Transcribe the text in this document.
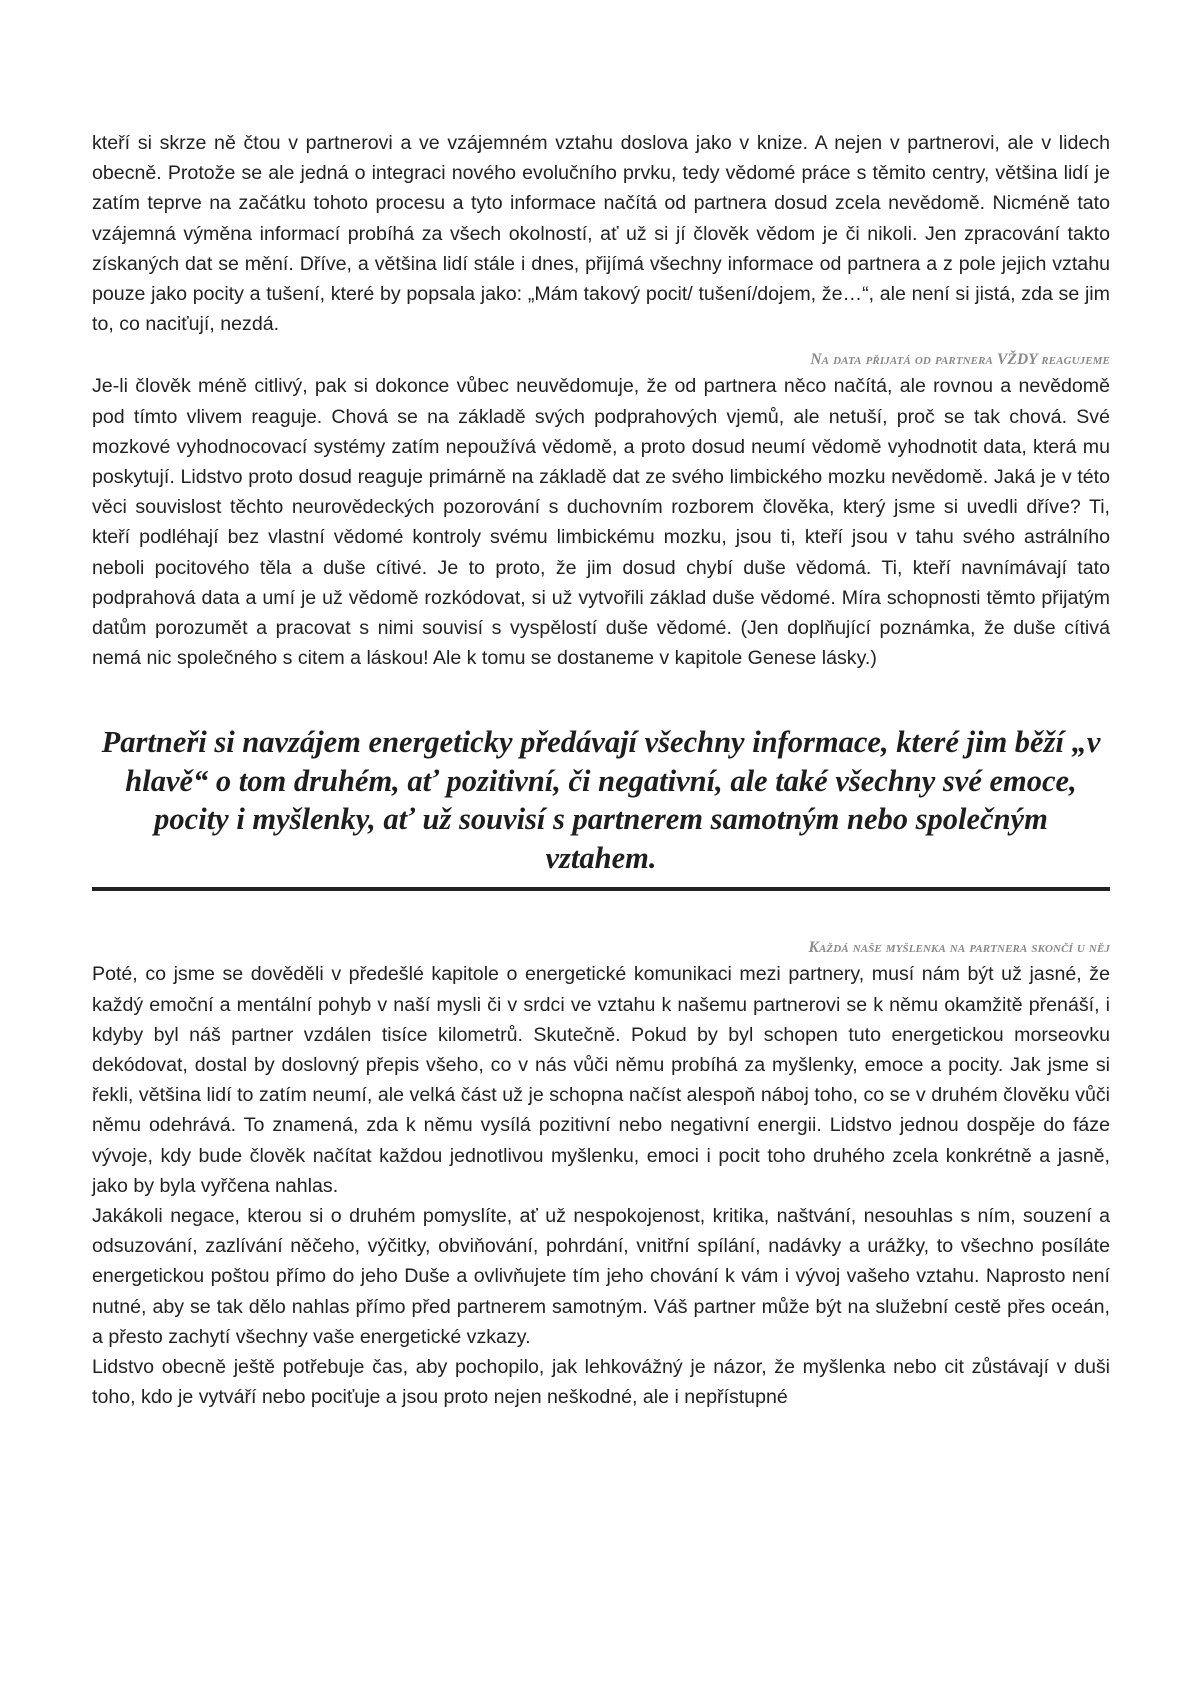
kteří si skrze ně čtou v partnerovi a ve vzájemném vztahu doslova jako v knize. A nejen v partnerovi, ale v lidech obecně. Protože se ale jedná o integraci nového evolučního prvku, tedy vědomé práce s těmito centry, většina lidí je zatím teprve na začátku tohoto procesu a tyto informace načítá od partnera dosud zcela nevědomě. Nicméně tato vzájemná výměna informací probíhá za všech okolností, ať už si jí člověk vědom je či nikoli. Jen zpracování takto získaných dat se mění. Dříve, a většina lidí stále i dnes, přijímá všechny informace od partnera a z pole jejich vztahu pouze jako pocity a tušení, které by popsala jako: „Mám takový pocit/ tušení/dojem, že…“, ale není si jistá, zda se jim to, co naciťují, nezdá.

Na data přijatá od partnera VŽDY reagujeme

Je-li člověk méně citlivý, pak si dokonce vůbec neuvědomuje, že od partnera něco načítá, ale rovnou a nevědomě pod tímto vlivem reaguje. Chová se na základě svých podprahových vjemů, ale netuší, proč se tak chová. Své mozkové vyhodnocovací systémy zatím nepoužívá vědomě, a proto dosud neumí vědomě vyhodnotit data, která mu poskytují. Lidstvo proto dosud reaguje primárně na základě dat ze svého limbického mozku nevědomě. Jaká je v této věci souvislost těchto neurovědeckých pozorování s duchovním rozborem člověka, který jsme si uvedli dříve? Ti, kteří podléhají bez vlastní vědomé kontroly svému limbickému mozku, jsou ti, kteří jsou v tahu svého astrálního neboli pocitového těla a duše cítivé. Je to proto, že jim dosud chybí duše vědomá. Ti, kteří navnímávají tato podprahová data a umí je už vědomě rozkódovat, si už vytvořili základ duše vědomé. Míra schopnosti těmto přijatým datům porozumět a pracovat s nimi souvisí s vyspělostí duše vědomé. (Jen doplňující poznámka, že duše cítivá nemá nic společného s citem a láskou! Ale k tomu se dostaneme v kapitole Genese lásky.)

Partneři si navzájem energeticky předávají všechny informace, které jim běží „v hlavě“ o tom druhém, ať pozitivní, či negativní, ale také všechny své emoce, pocity i myšlenky, ať už souvisí s partnerem samotným nebo společným vztahem.

Každá naše myšlenka na partnera skončí u něj

Poté, co jsme se dověděli v předešlé kapitole o energetické komunikaci mezi partnery, musí nám být už jasné, že každý emoční a mentální pohyb v naší mysli či v srdci ve vztahu k našemu partnerovi se k němu okamžitě přenáší, i kdyby byl náš partner vzdálen tisíce kilometrů. Skutečně. Pokud by byl schopen tuto energetickou morseovku dekódovat, dostal by doslovný přepis všeho, co v nás vůči němu probíhá za myšlenky, emoce a pocity. Jak jsme si řekli, většina lidí to zatím neumí, ale velká část už je schopna načíst alespoň náboj toho, co se v druhém člověku vůči němu odehrává. To znamená, zda k němu vysílá pozitivní nebo negativní energii. Lidstvo jednou dospěje do fáze vývoje, kdy bude člověk načítat každou jednotlivou myšlenku, emoci i pocit toho druhého zcela konkrétně a jasně, jako by byla vyřčena nahlas.

Jakákoli negace, kterou si o druhém pomyslíte, ať už nespokojenost, kritika, naštvání, nesouhlas s ním, souzení a odsuzování, zazlívání něčeho, výčitky, obviňování, pohrdání, vnitřní spílání, nadávky a urážky, to všechno posíláte energetickou poštou přímo do jeho Duše a ovlivňujete tím jeho chování k vám i vývoj vašeho vztahu. Naprosto není nutné, aby se tak dělo nahlas přímo před partnerem samotným. Váš partner může být na služební cestě přes oceán, a přesto zachytí všechny vaše energetické vzkazy.

Lidstvo obecně ještě potřebuje čas, aby pochopilo, jak lehkovážný je názor, že myšlenka nebo cit zůstávají v duši toho, kdo je vytváří nebo pociťuje a jsou proto nejen neškodné, ale i nepřístupné
